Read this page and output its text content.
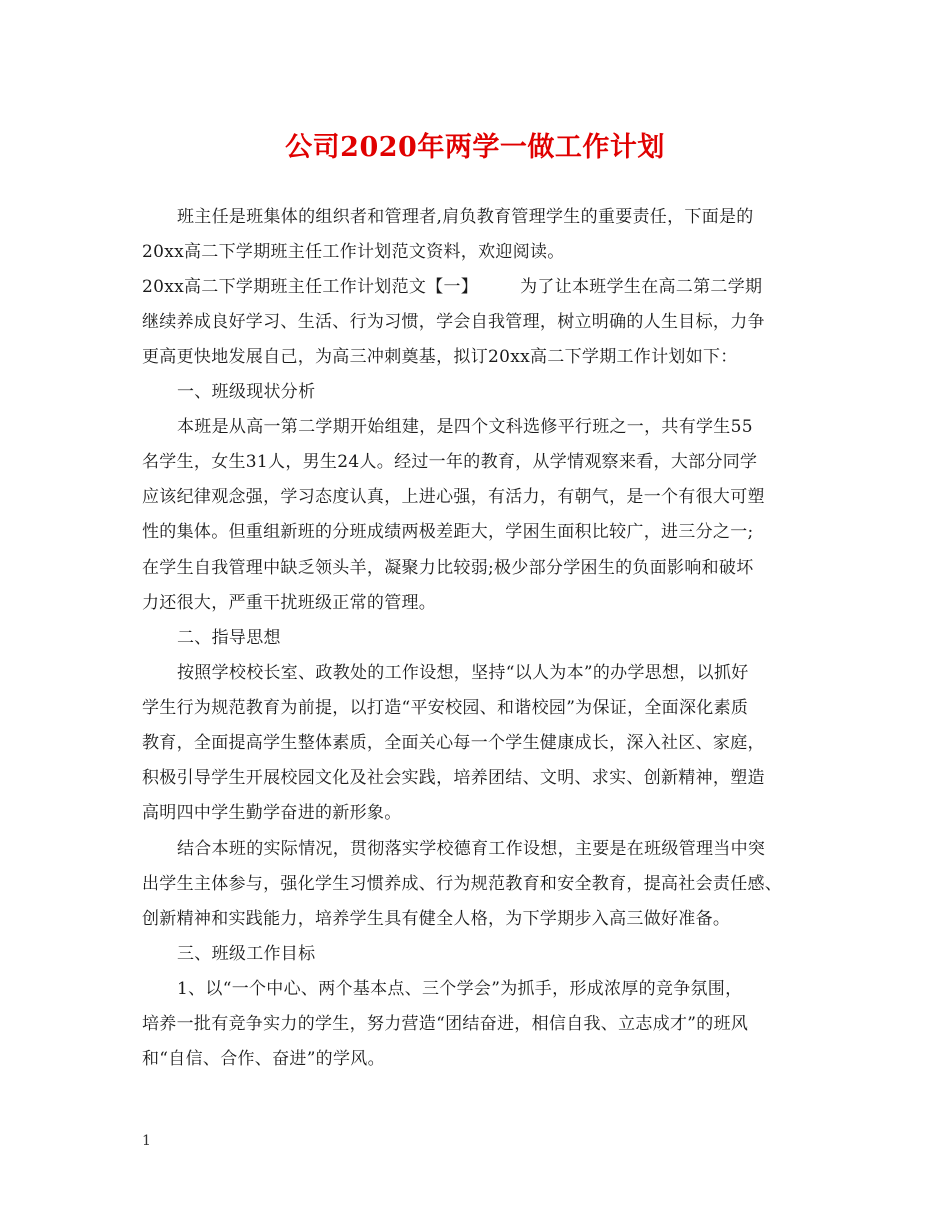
公司2020年两学一做工作计划
班主任是班集体的组织者和管理者,肩负教育管理学生的重要责任，下面是的
20xx高二下学期班主任工作计划范文资料，欢迎阅读。
20xx高二下学期班主任工作计划范文【一】 为了让本班学生在高二第二学期
继续养成良好学习、生活、行为习惯，学会自我管理，树立明确的人生目标，力争
更高更快地发展自己，为高三冲刺奠基，拟订20xx高二下学期工作计划如下：
一、班级现状分析
本班是从高一第二学期开始组建，是四个文科选修平行班之一，共有学生55
名学生，女生31人，男生24人。经过一年的教育，从学情观察来看，大部分同学
应该纪律观念强，学习态度认真，上进心强，有活力，有朝气，是一个有很大可塑
性的集体。但重组新班的分班成绩两极差距大，学困生面积比较广，进三分之一;
在学生自我管理中缺乏领头羊，凝聚力比较弱;极少部分学困生的负面影响和破坏
力还很大，严重干扰班级正常的管理。
二、指导思想
按照学校校长室、政教处的工作设想，坚持“以人为本”的办学思想，以抓好
学生行为规范教育为前提，以打造“平安校园、和谐校园”为保证，全面深化素质
教育，全面提高学生整体素质，全面关心每一个学生健康成长，深入社区、家庭，
积极引导学生开展校园文化及社会实践，培养团结、文明、求实、创新精神，塑造
高明四中学生勤学奋进的新形象。
结合本班的实际情况，贯彻落实学校德育工作设想，主要是在班级管理当中突
出学生主体参与，强化学生习惯养成、行为规范教育和安全教育，提高社会责任感、
创新精神和实践能力，培养学生具有健全人格，为下学期步入高三做好准备。
三、班级工作目标
1、以“一个中心、两个基本点、三个学会”为抓手，形成浓厚的竞争氛围，
培养一批有竞争实力的学生，努力营造“团结奋进，相信自我、立志成才”的班风
和“自信、合作、奋进”的学风。
1
